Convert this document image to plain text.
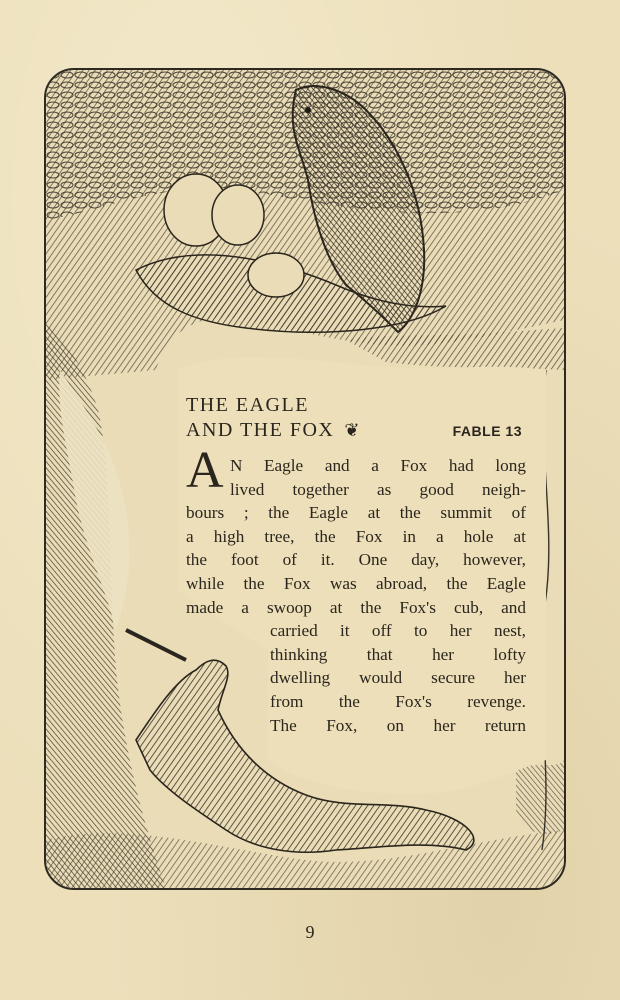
THE EAGLE
AND THE FOX ❦	FABLE 13
A N Eagle and a Fox had long
lived together as good neigh-
bours ; the Eagle at the summit of
a high tree, the Fox in a hole at
the foot of it. One day, however,
while the Fox was abroad, the Eagle
made a swoop at the Fox's cub, and
carried it off to her nest,
thinking that her lofty
dwelling would secure her
from the Fox's revenge.
The Fox, on her return
9
